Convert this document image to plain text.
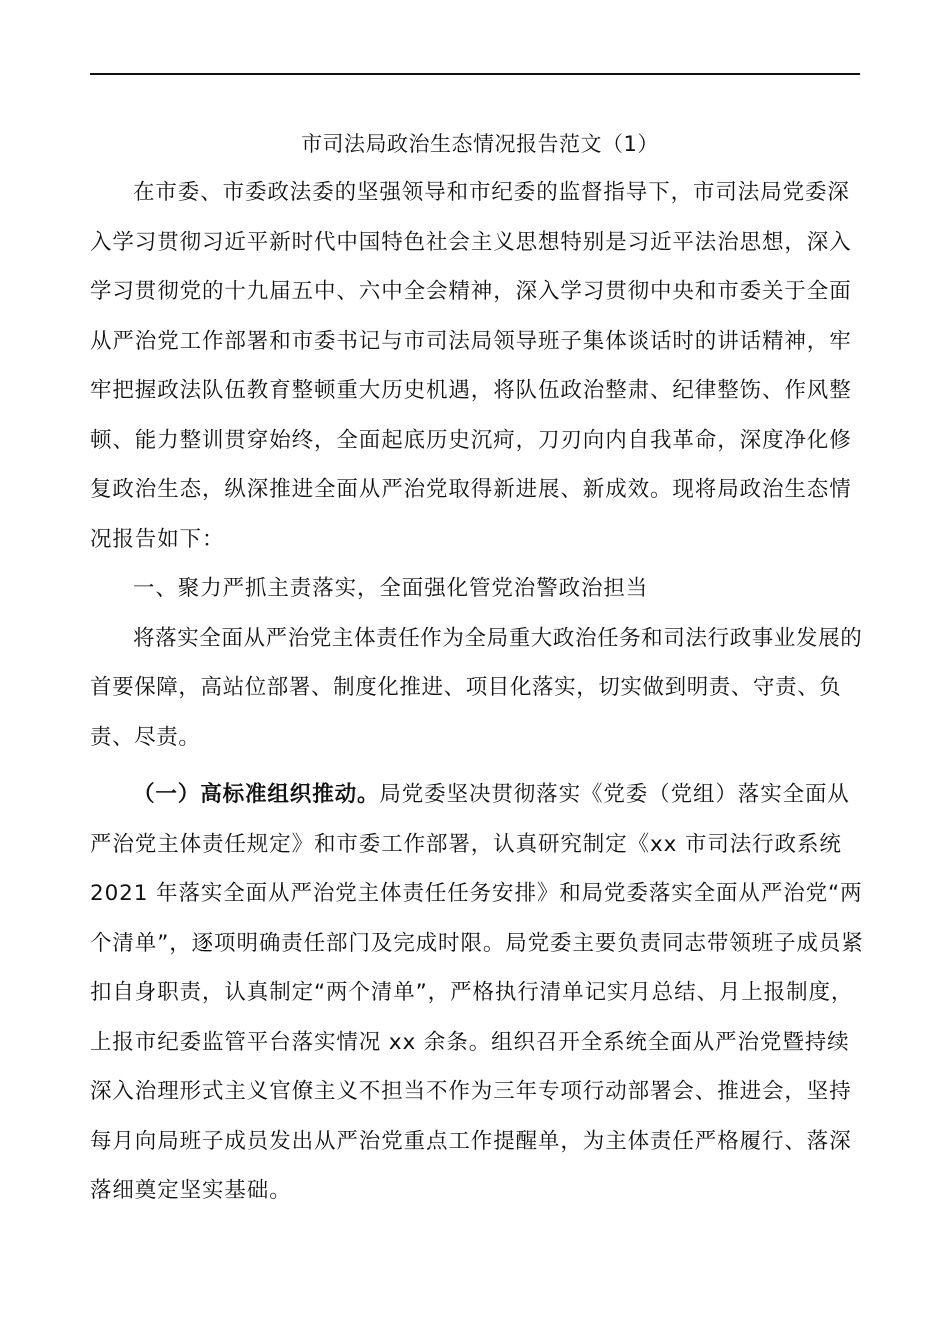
市司法局政治生态情况报告范文（1）

在市委、市委政法委的坚强领导和市纪委的监督指导下，市司法局党委深入学习贯彻习近平新时代中国特色社会主义思想特别是习近平法治思想，深入学习贯彻党的十九届五中、六中全会精神，深入学习贯彻中央和市委关于全面从严治党工作部署和市委书记与市司法局领导班子集体谈话时的讲话精神，牢牢把握政法队伍教育整顿重大历史机遇，将队伍政治整肃、纪律整饬、作风整顿、能力整训贯穿始终，全面起底历史沉疴，刀刃向内自我革命，深度净化修复政治生态，纵深推进全面从严治党取得新进展、新成效。现将局政治生态情况报告如下：

一、聚力严抓主责落实，全面强化管党治警政治担当

将落实全面从严治党主体责任作为全局重大政治任务和司法行政事业发展的首要保障，高站位部署、制度化推进、项目化落实，切实做到明责、守责、负责、尽责。

（一）高标准组织推动。局党委坚决贯彻落实《党委（党组）落实全面从严治党主体责任规定》和市委工作部署，认真研究制定《xx 市司法行政系统 2021 年落实全面从严治党主体责任任务安排》和局党委落实全面从严治党“两个清单”，逐项明确责任部门及完成时限。局党委主要负责同志带领班子成员紧扣自身职责，认真制定“两个清单”，严格执行清单记实月总结、月上报制度，上报市纪委监管平台落实情况 xx 余条。组织召开全系统全面从严治党暨持续深入治理形式主义官僚主义不担当不作为三年专项行动部署会、推进会，坚持每月向局班子成员发出从严治党重点工作提醒单，为主体责任严格履行、落深落细奠定坚实基础。
